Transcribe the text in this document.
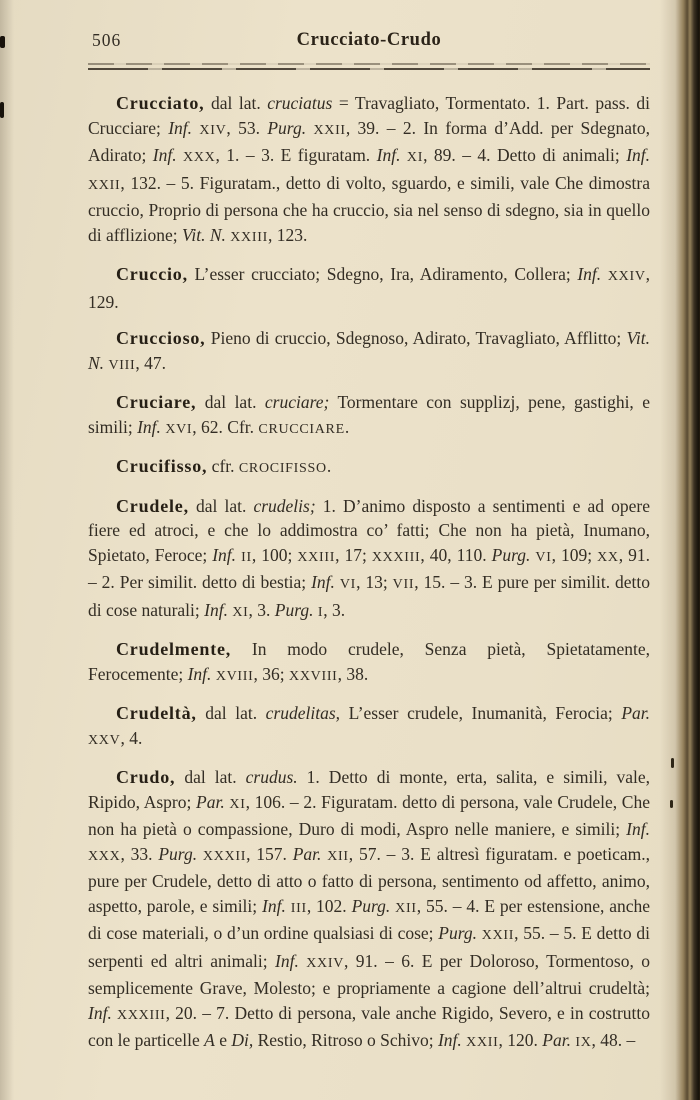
506	Crucciato-Crudo

Crucciato, dal lat. cruciatus = Travagliato, Tormentato. 1. Part. pass. di Crucciare; Inf. XIV, 53. Purg. XXII, 39. – 2. In forma d’Add. per Sdegnato, Adirato; Inf. XXX, 1. – 3. E figuratam. Inf. XI, 89. – 4. Detto di animali; Inf. XXII, 132. – 5. Figuratam., detto di volto, sguardo, e simili, vale Che dimostra cruccio, Proprio di persona che ha cruccio, sia nel senso di sdegno, sia in quello di afflizione; Vit. N. XXIII, 123.

Cruccio, L’esser crucciato; Sdegno, Ira, Adiramento, Collera; Inf. XXIV, 129.

Cruccioso, Pieno di cruccio, Sdegnoso, Adirato, Travagliato, Afflitto; Vit. N. VIII, 47.

Cruciare, dal lat. cruciare; Tormentare con supplizj, pene, gastighi, e simili; Inf. XVI, 62. Cfr. CRUCCIARE.

Crucifisso, cfr. CROCIFISSO.

Crudele, dal lat. crudelis; 1. D’animo disposto a sentimenti e ad opere fiere ed atroci, e che lo addimostra co’ fatti; Che non ha pietà, Inumano, Spietato, Feroce; Inf. II, 100; XXIII, 17; XXXIII, 40, 110. Purg. VI, 109; XX, 91. – 2. Per similit. detto di bestia; Inf. VI, 13; VII, 15. – 3. E pure per similit. detto di cose naturali; Inf. XI, 3. Purg. I, 3.

Crudelmente, In modo crudele, Senza pietà, Spietatamente, Ferocemente; Inf. XVIII, 36; XXVIII, 38.

Crudeltà, dal lat. crudelitas, L’esser crudele, Inumanità, Ferocia; Par. XXV, 4.

Crudo, dal lat. crudus. 1. Detto di monte, erta, salita, e simili, vale, Ripido, Aspro; Par. XI, 106. – 2. Figuratam. detto di persona, vale Crudele, Che non ha pietà o compassione, Duro di modi, Aspro nelle maniere, e simili; Inf. XXX, 33. Purg. XXXII, 157. Par. XII, 57. – 3. E altresì figuratam. e poeticam., pure per Crudele, detto di atto o fatto di persona, sentimento od affetto, animo, aspetto, parole, e simili; Inf. III, 102. Purg. XII, 55. – 4. E per estensione, anche di cose materiali, o d’un ordine qualsiasi di cose; Purg. XXII, 55. – 5. E detto di serpenti ed altri animali; Inf. XXIV, 91. – 6. E per Doloroso, Tormentoso, o semplicemente Grave, Molesto; e propriamente a cagione dell’altrui crudeltà; Inf. XXXIII, 20. – 7. Detto di persona, vale anche Rigido, Severo, e in costrutto con le particelle A e Di, Restio, Ritroso o Schivo; Inf. XXII, 120. Par. IX, 48. –
